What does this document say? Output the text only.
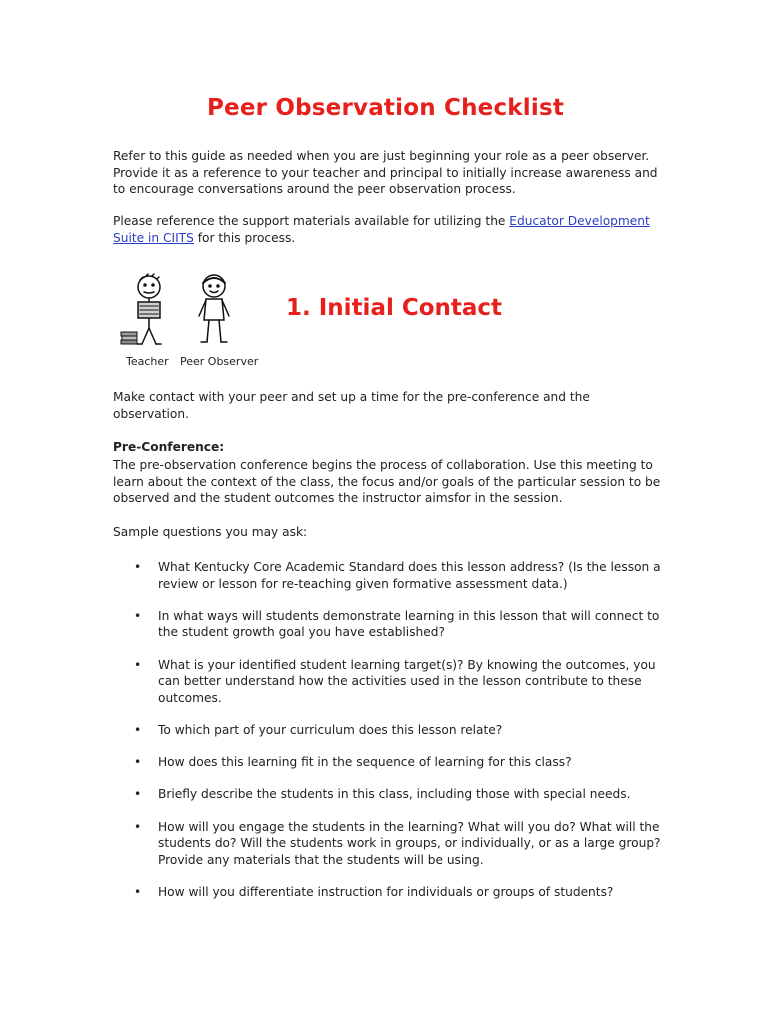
Peer Observation Checklist

Refer to this guide as needed when you are just beginning your role as a peer observer. Provide it as a reference to your teacher and principal to initially increase awareness and to encourage conversations around the peer observation process.

Please reference the support materials available for utilizing the Educator Development Suite in CIITS for this process.

Teacher Peer Observer
1. Initial Contact

Make contact with your peer and set up a time for the pre-conference and the observation.

Pre-Conference:

The pre-observation conference begins the process of collaboration. Use this meeting to learn about the context of the class, the focus and/or goals of the particular session to be observed and the student outcomes the instructor aimsfor in the session.

Sample questions you may ask:

• What Kentucky Core Academic Standard does this lesson address? (Is the lesson a review or lesson for re-teaching given formative assessment data.)
• In what ways will students demonstrate learning in this lesson that will connect to the student growth goal you have established?
• What is your identified student learning target(s)? By knowing the outcomes, you can better understand how the activities used in the lesson contribute to these outcomes.
• To which part of your curriculum does this lesson relate?
• How does this learning fit in the sequence of learning for this class?
• Briefly describe the students in this class, including those with special needs.
• How will you engage the students in the learning? What will you do? What will the students do? Will the students work in groups, or individually, or as a large group? Provide any materials that the students will be using.
• How will you differentiate instruction for individuals or groups of students?
